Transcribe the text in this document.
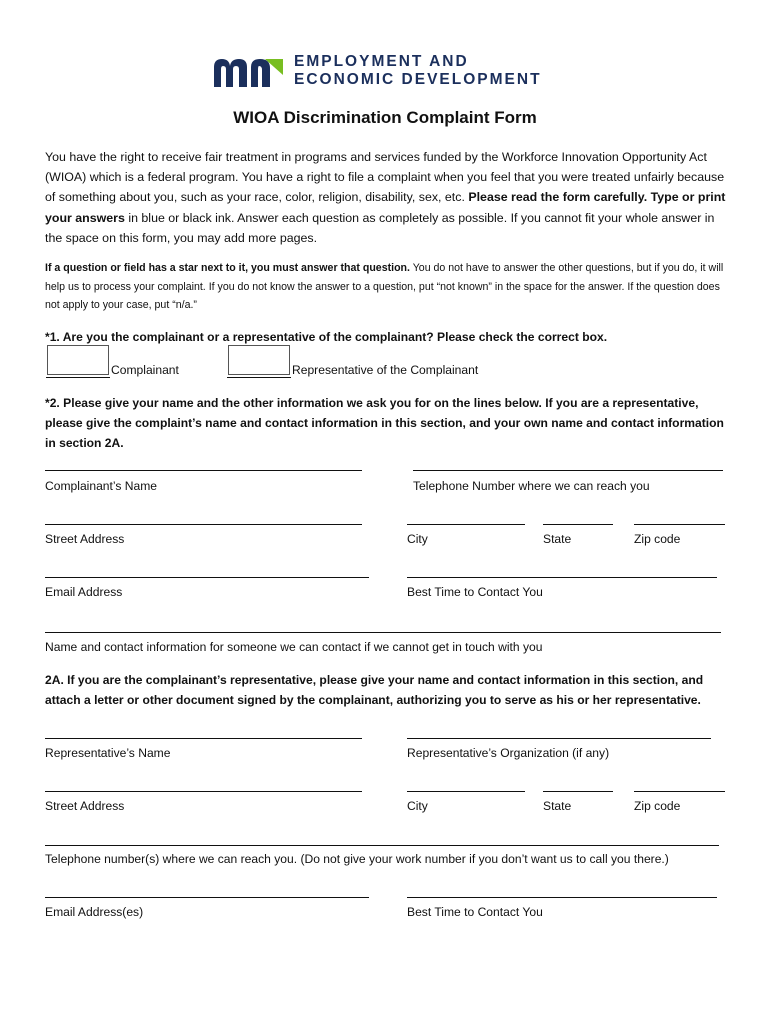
EMPLOYMENT AND
ECONOMIC DEVELOPMENT
WIOA Discrimination Complaint Form
You have the right to receive fair treatment in programs and services funded by the Workforce Innovation Opportunity Act (WIOA) which is a federal program. You have a right to file a complaint when you feel that you were treated unfairly because of something about you, such as your race, color, religion, disability, sex, etc. Please read the form carefully. Type or print your answers in blue or black ink. Answer each question as completely as possible. If you cannot fit your whole answer in the space on this form, you may add more pages.
If a question or field has a star next to it, you must answer that question. You do not have to answer the other questions, but if you do, it will help us to process your complaint. If you do not know the answer to a question, put “not known” in the space for the answer. If the question does not apply to your case, put “n/a.”
*1. Are you the complainant or a representative of the complainant? Please check the correct box.
Complainant	Representative of the Complainant
*2. Please give your name and the other information we ask you for on the lines below. If you are a representative, please give the complaint’s name and contact information in this section, and your own name and contact information in section 2A.
Complainant’s Name	Telephone Number where we can reach you
Street Address	City	State	Zip code
Email Address	Best Time to Contact You
Name and contact information for someone we can contact if we cannot get in touch with you
2A. If you are the complainant’s representative, please give your name and contact information in this section, and attach a letter or other document signed by the complainant, authorizing you to serve as his or her representative.
Representative’s Name	Representative’s Organization (if any)
Street Address	City	State	Zip code
Telephone number(s) where we can reach you. (Do not give your work number if you don’t want us to call you there.)
Email Address(es)	Best Time to Contact You
